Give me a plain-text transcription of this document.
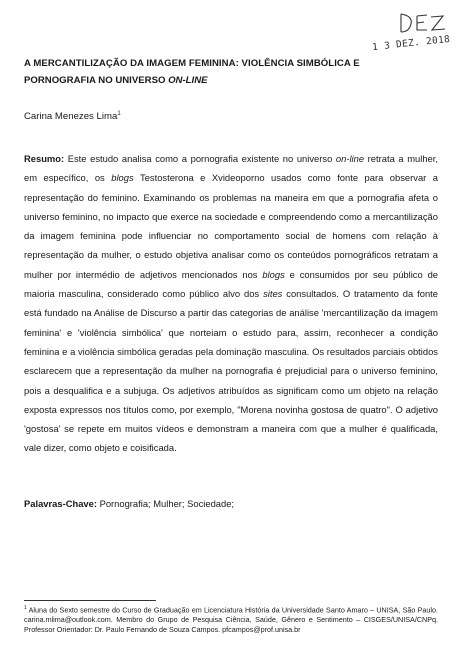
1 3 DEZ. 2018
A MERCANTILIZAÇÃO DA IMAGEM FEMININA: VIOLÊNCIA SIMBÓLICA E
PORNOGRAFIA NO UNIVERSO ON-LINE
Carina Menezes Lima$^1$
Resumo: Este estudo analisa como a pornografia existente no universo on-line retrata a mulher, em específico, os blogs Testosterona e Xvideoporno usados como fonte para observar a representação do feminino. Examinando os problemas na maneira em que a pornografia afeta o universo feminino, no impacto que exerce na sociedade e compreendendo como a mercantilização da imagem feminina pode influenciar no comportamento social de homens com relação à representação da mulher, o estudo objetiva analisar como os conteúdos pornográficos retratam a mulher por intermédio de adjetivos mencionados nos blogs e consumidos por seu público de maioria masculina, considerado como público alvo dos sites consultados. O tratamento da fonte está fundado na Análise de Discurso a partir das categorias de análise 'mercantilização da imagem feminina' e 'violência simbólica' que norteiam o estudo para, assim, reconhecer a condição feminina e a violência simbólica geradas pela dominação masculina. Os resultados parciais obtidos esclarecem que a representação da mulher na pornografia é prejudicial para o universo feminino, pois a desqualifica e a subjuga. Os adjetivos atribuídos as significam como um objeto na relação exposta expressos nos títulos como, por exemplo, "Morena novinha gostosa de quatro". O adjetivo 'gostosa' se repete em muitos vídeos e demonstram a maneira com que a mulher é qualificada, vale dizer, como objeto e coisificada.
Palavras-Chave: Pornografia; Mulher; Sociedade;
$^1$ Aluna do Sexto semestre do Curso de Graduação em Licenciatura História da Universidade Santo Amaro – UNISA, São Paulo. carina.mlima@outlook.com. Membro do Grupo de Pesquisa Ciência, Saúde, Gênero e Sentimento – CISGES/UNISA/CNPq. Professor Orientador: Dr. Paulo Fernando de Souza Campos. pfcampos@prof.unisa.br
